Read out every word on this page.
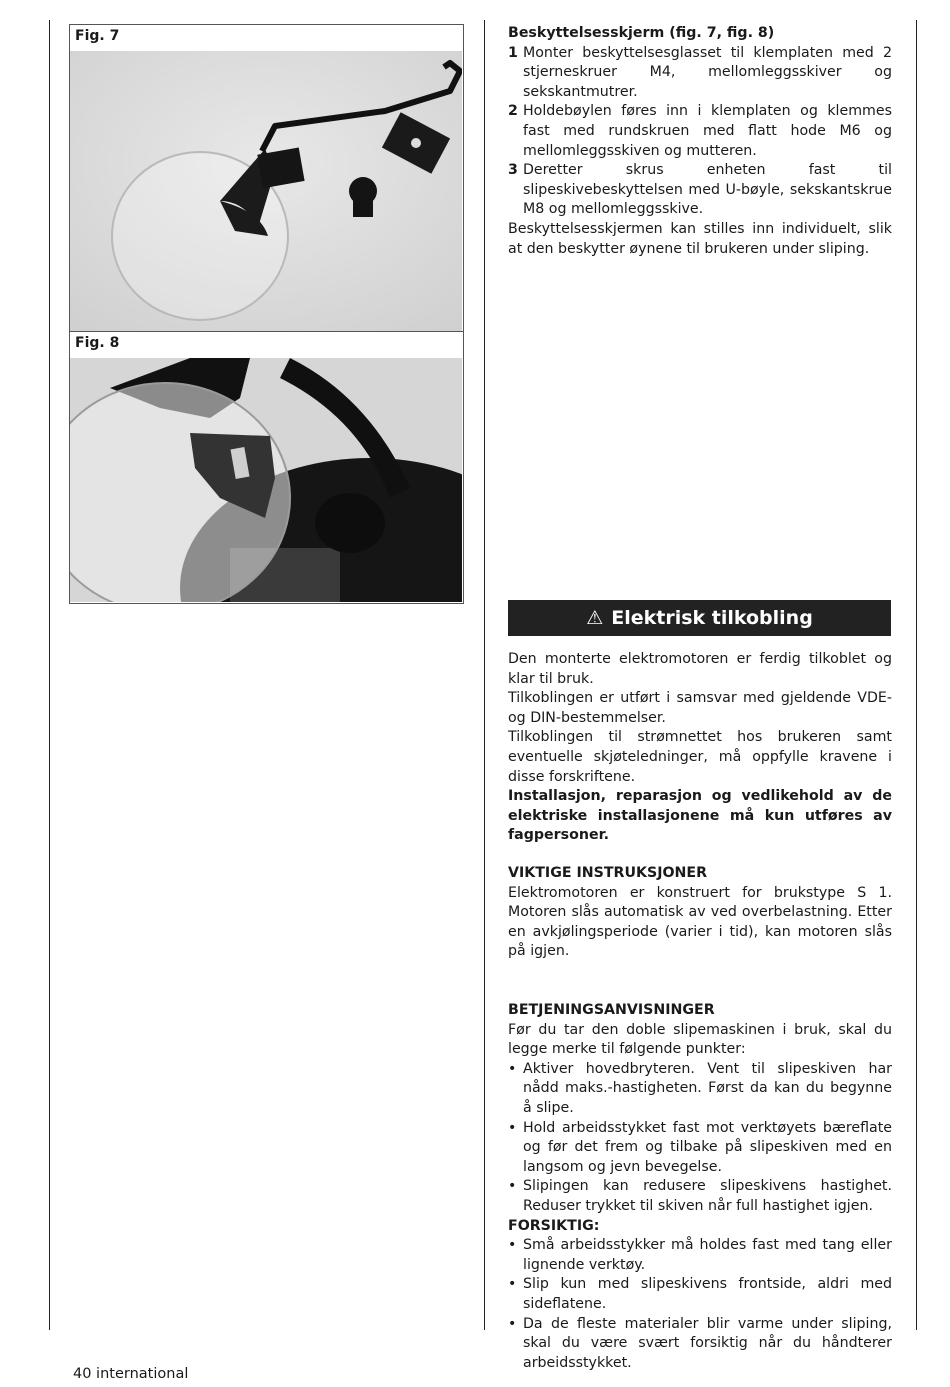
Fig. 7
Fig. 8

Beskyttelsesskjerm (fig. 7, fig. 8)

1 Monter beskyttelsesglasset til klemplaten med 2 stjerneskruer M4, mellomleggsskiver og sekskantmutrer.
2 Holdebøylen føres inn i klemplaten og klemmes fast med rundskruen med flatt hode M6 og mellomleggsskiven og mutteren.
3 Deretter skrus enheten fast til slipeskivebeskyttelsen med U-bøyle, sekskantskrue M8 og mellomleggsskive.

Beskyttelsesskjermen kan stilles inn individuelt, slik at den beskytter øynene til brukeren under sliping.

⚠ Elektrisk tilkobling

Den monterte elektromotoren er ferdig tilkoblet og klar til bruk.

Tilkoblingen er utført i samsvar med gjeldende VDE-og DIN-bestemmelser.

Tilkoblingen til strømnettet hos brukeren samt eventuelle skjøteledninger, må oppfylle kravene i disse forskriftene.

Installasjon, reparasjon og vedlikehold av de elektriske installasjonene må kun utføres av fagpersoner.

VIKTIGE INSTRUKSJONER

Elektromotoren er konstruert for brukstype S 1. Motoren slås automatisk av ved overbelastning. Etter en avkjølingsperiode (varier i tid), kan motoren slås på igjen.

BETJENINGSANVISNINGER

Før du tar den doble slipemaskinen i bruk, skal du legge merke til følgende punkter:

• Aktiver hovedbryteren. Vent til slipeskiven har nådd maks.-hastigheten. Først da kan du begynne å slipe.
• Hold arbeidsstykket fast mot verktøyets bæreflate og før det frem og tilbake på slipeskiven med en langsom og jevn bevegelse.
• Slipingen kan redusere slipeskivens hastighet. Reduser trykket til skiven når full hastighet igjen.

FORSIKTIG:

• Små arbeidsstykker må holdes fast med tang eller lignende verktøy.
• Slip kun med slipeskivens frontside, aldri med sideflatene.
• Da de fleste materialer blir varme under sliping, skal du være svært forsiktig når du håndterer arbeidsstykket.
40 international
